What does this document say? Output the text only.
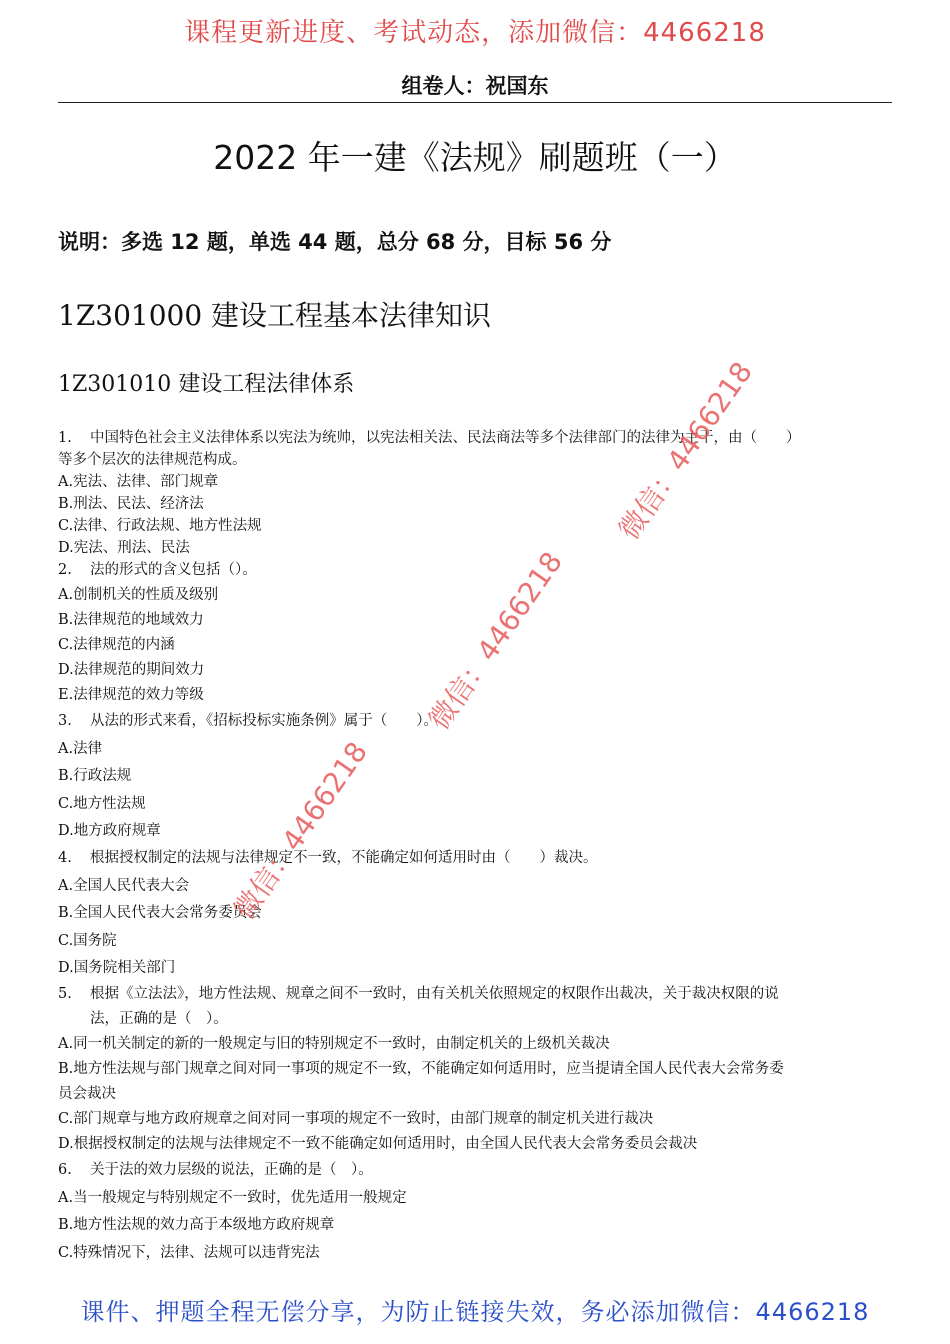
课程更新进度、考试动态，添加微信：4466218
组卷人：祝国东
2022 年一建《法规》刷题班（一）
说明：多选 12 题，单选 44 题，总分 68 分，目标 56 分
1Z301000 建设工程基本法律知识
1Z301010 建设工程法律体系
1. 中国特色社会主义法律体系以宪法为统帅，以宪法相关法、民法商法等多个法律部门的法律为主干，由（　　）
等多个层次的法律规范构成。
A.宪法、法律、部门规章
B.刑法、民法、经济法
C.法律、行政法规、地方性法规
D.宪法、刑法、民法
2. 法的形式的含义包括（）。
A.创制机关的性质及级别
B.法律规范的地域效力
C.法律规范的内涵
D.法律规范的期间效力
E.法律规范的效力等级
3. 从法的形式来看，《招标投标实施条例》属于（　　）。
A.法律
B.行政法规
C.地方性法规
D.地方政府规章
4. 根据授权制定的法规与法律规定不一致，不能确定如何适用时由（　　）裁决。
A.全国人民代表大会
B.全国人民代表大会常务委员会
C.国务院
D.国务院相关部门
5. 根据《立法法》，地方性法规、规章之间不一致时，由有关机关依照规定的权限作出裁决，关于裁决权限的说
法，正确的是（　）。
A.同一机关制定的新的一般规定与旧的特别规定不一致时，由制定机关的上级机关裁决
B.地方性法规与部门规章之间对同一事项的规定不一致，不能确定如何适用时，应当提请全国人民代表大会常务委
员会裁决
C.部门规章与地方政府规章之间对同一事项的规定不一致时，由部门规章的制定机关进行裁决
D.根据授权制定的法规与法律规定不一致不能确定如何适用时，由全国人民代表大会常务委员会裁决
6. 关于法的效力层级的说法，正确的是（　）。
A.当一般规定与特别规定不一致时，优先适用一般规定
B.地方性法规的效力高于本级地方政府规章
C.特殊情况下，法律、法规可以违背宪法
微信：4466218
微信：4466218
微信：4466218
课件、押题全程无偿分享，为防止链接失效，务必添加微信：4466218
